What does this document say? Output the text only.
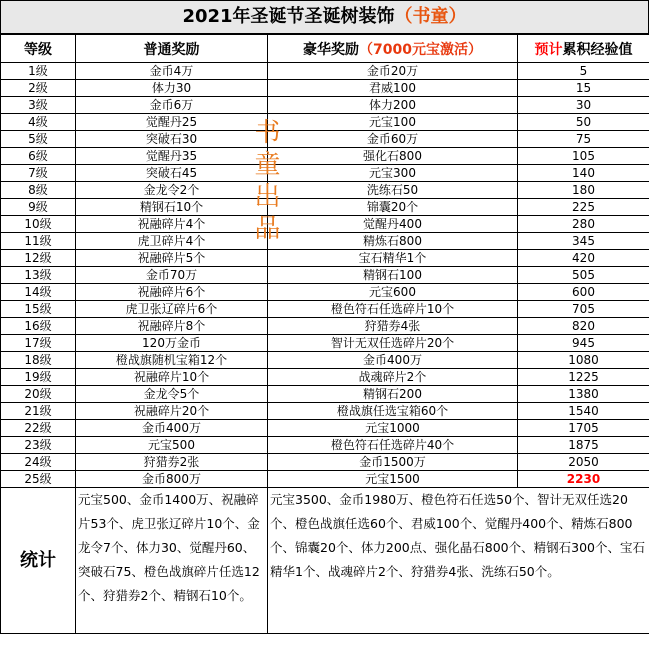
2021年圣诞节圣诞树装饰（书童）
等级	普通奖励	豪华奖励（7000元宝激活）	预计累积经验值
1级	金币4万	金币20万	5
2级	体力30	君威100	15
3级	金币6万	体力200	30
4级	觉醒丹25	元宝100	50
5级	突破石30	金币60万	75
6级	觉醒丹35	强化石800	105
7级	突破石45	元宝300	140
8级	金龙令2个	洗练石50	180
9级	精钢石10个	锦囊20个	225
10级	祝融碎片4个	觉醒丹400	280
11级	虎卫碎片4个	精炼石800	345
12级	祝融碎片5个	宝石精华1个	420
13级	金币70万	精钢石100	505
14级	祝融碎片6个	元宝600	600
15级	虎卫张辽碎片6个	橙色符石任选碎片10个	705
16级	祝融碎片8个	狩猎券4张	820
17级	120万金币	智计无双任选碎片20个	945
18级	橙战旗随机宝箱12个	金币400万	1080
19级	祝融碎片10个	战魂碎片2个	1225
20级	金龙令5个	精钢石200	1380
21级	祝融碎片20个	橙战旗任选宝箱60个	1540
22级	金币400万	元宝1000	1705
23级	元宝500	橙色符石任选碎片40个	1875
24级	狩猎券2张	金币1500万	2050
25级	金币800万	元宝1500	2230
统计	元宝500、金币1400万、祝融碎片53个、虎卫张辽碎片10个、金龙令7个、体力30、觉醒丹60、突破石75、橙色战旗碎片任选12个、狩猎券2个、精钢石10个。	元宝3500、金币1980万、橙色符石任选50个、智计无双任选20个、橙色战旗任选60个、君威100个、觉醒丹400个、精炼石800个、锦囊20个、体力200点、强化晶石800个、精钢石300个、宝石精华1个、战魂碎片2个、狩猎券4张、洗练石50个。	
书童出品
